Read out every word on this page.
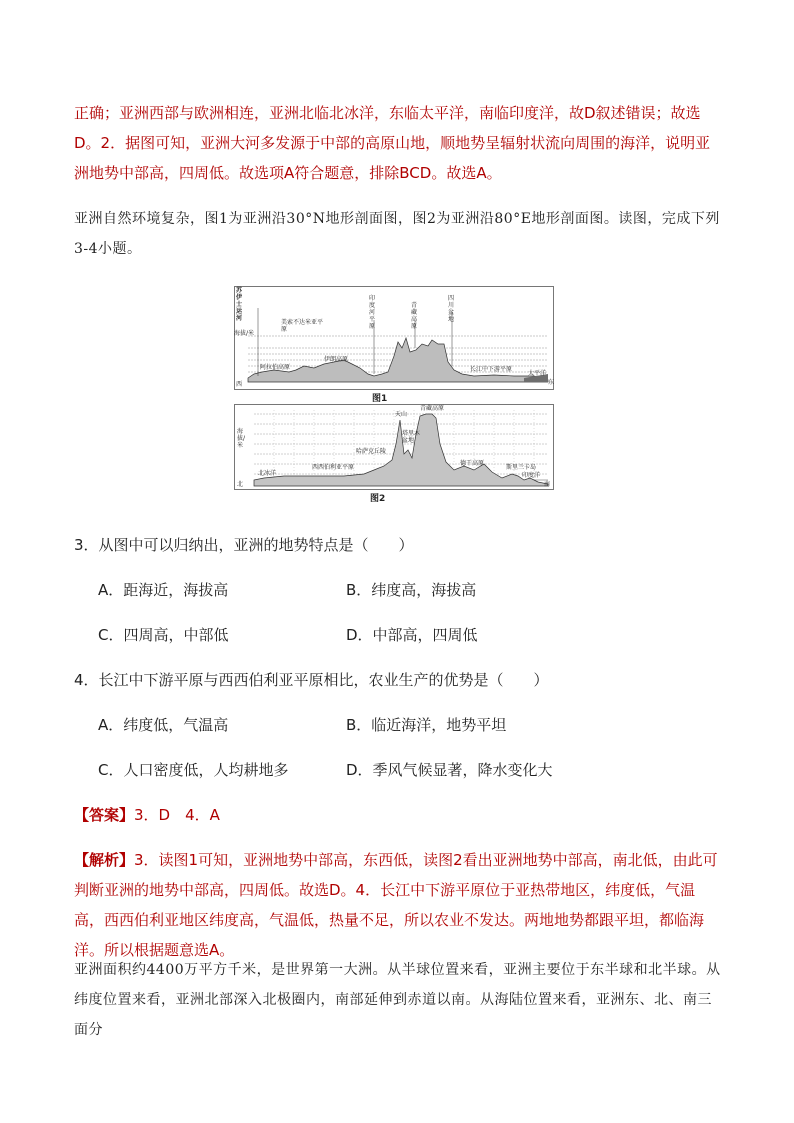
正确；亚洲西部与欧洲相连，亚洲北临北冰洋，东临太平洋，南临印度洋，故D叙述错误；故选D。2．据图可知，亚洲大河多发源于中部的高原山地，顺地势呈辐射状流向周围的海洋，说明亚洲地势中部高，四周低。故选项A符合题意，排除BCD。故选A。

亚洲自然环境复杂，图1为亚洲沿30°N地形剖面图，图2为亚洲沿80°E地形剖面图。读图，完成下列3-4小题。

苏伊士运河
海拔/米
美索不达米亚平原
印度河平原
青藏高原
四川盆地
阿拉伯高原
伊朗高原
长江中下游平原
太平洋
西	东
图1
海拔/米
青藏高原
天山
塔里木盆地
哈萨克丘陵
西西伯利亚平原
北冰洋
德干高原
斯里兰卡岛
印度洋
北	南
图2

3．从图中可以归纳出，亚洲的地势特点是（　　）

A．距海近，海拔高	B．纬度高，海拔高

C．四周高，中部低	D．中部高，四周低

4．长江中下游平原与西西伯利亚平原相比，农业生产的优势是（　　）

A．纬度低，气温高	B．临近海洋，地势平坦

C．人口密度低，人均耕地多	D．季风气候显著，降水变化大

【答案】3．D　4．A

【解析】3．读图1可知，亚洲地势中部高，东西低，读图2看出亚洲地势中部高，南北低，由此可判断亚洲的地势中部高，四周低。故选D。4．长江中下游平原位于亚热带地区，纬度低，气温高，西西伯利亚地区纬度高，气温低，热量不足，所以农业不发达。两地地势都跟平坦，都临海洋。所以根据题意选A。

亚洲面积约4400万平方千米，是世界第一大洲。从半球位置来看，亚洲主要位于东半球和北半球。从纬度位置来看，亚洲北部深入北极圈内，南部延伸到赤道以南。从海陆位置来看，亚洲东、北、南三面分
